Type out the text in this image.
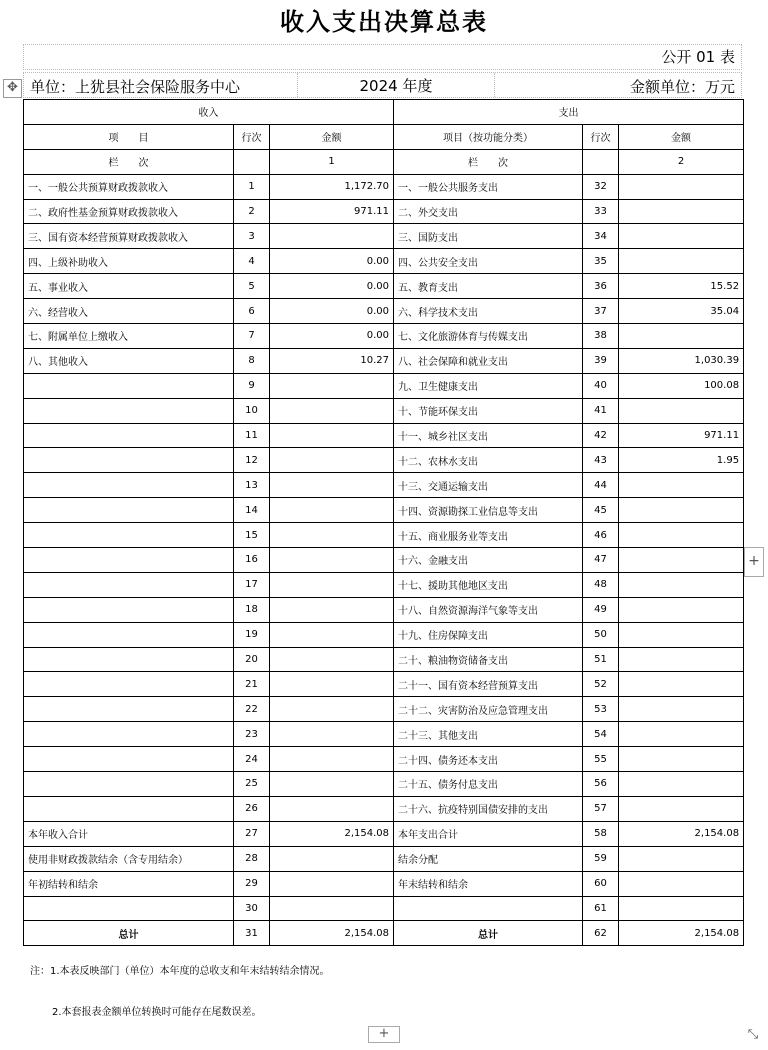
收入支出决算总表
公开 01 表
✥ 单位：上犹县社会保险服务中心	2024 年度	金额单位：万元
收入			支出		
项　　目	行次	金额	项目（按功能分类）	行次	金额
栏　　次		1	栏　　次		2
一、一般公共预算财政拨款收入	1	1,172.70	一、一般公共服务支出	32	
二、政府性基金预算财政拨款收入	2	971.11	二、外交支出	33	
三、国有资本经营预算财政拨款收入	3		三、国防支出	34	
四、上级补助收入	4	0.00	四、公共安全支出	35	
五、事业收入	5	0.00	五、教育支出	36	15.52
六、经营收入	6	0.00	六、科学技术支出	37	35.04
七、附属单位上缴收入	7	0.00	七、文化旅游体育与传媒支出	38	
八、其他收入	8	10.27	八、社会保障和就业支出	39	1,030.39
	9		九、卫生健康支出	40	100.08
	10		十、节能环保支出	41	
	11		十一、城乡社区支出	42	971.11
	12		十二、农林水支出	43	1.95
	13		十三、交通运输支出	44	
	14		十四、资源勘探工业信息等支出	45	
	15		十五、商业服务业等支出	46	
	16		十六、金融支出	47	
	17		十七、援助其他地区支出	48	
	18		十八、自然资源海洋气象等支出	49	
	19		十九、住房保障支出	50	
	20		二十、粮油物资储备支出	51	
	21		二十一、国有资本经营预算支出	52	
	22		二十二、灾害防治及应急管理支出	53	
	23		二十三、其他支出	54	
	24		二十四、债务还本支出	55	
	25		二十五、债务付息支出	56	
	26		二十六、抗疫特别国债安排的支出	57	
本年收入合计	27	2,154.08	本年支出合计	58	2,154.08
使用非财政拨款结余（含专用结余）	28		结余分配	59	
年初结转和结余	29		年末结转和结余	60	
	30			61	
总计	31	2,154.08	总计	62	2,154.08
注：1.本表反映部门（单位）本年度的总收支和年末结转结余情况。
2.本套报表金额单位转换时可能存在尾数误差。
+
+	⤡
